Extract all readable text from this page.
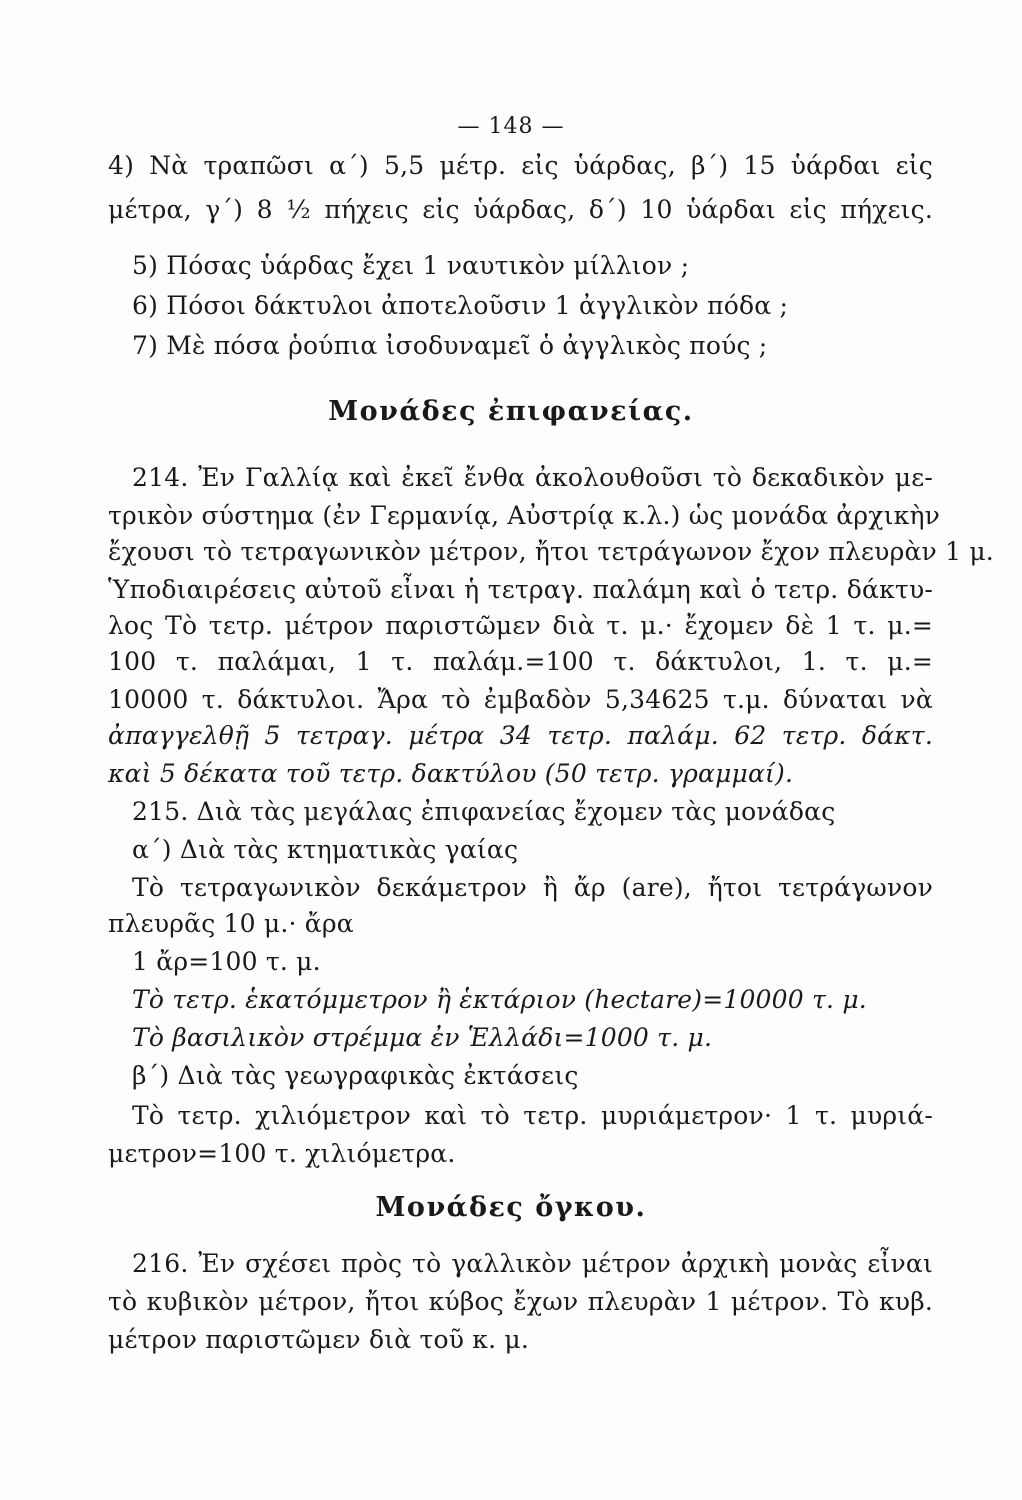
— 148 —
4) Νὰ τραπῶσι α΄) 5,5 μέτρ. εἰς ὑάρδας, β΄) 15 ὑάρδαι εἰς
μέτρα, γ΄) 8 ½ πήχεις εἰς ὑάρδας, δ΄) 10 ὑάρδαι εἰς πήχεις.
5) Πόσας ὑάρδας ἔχει 1 ναυτικὸν μίλλιον ;
6) Πόσοι δάκτυλοι ἀποτελοῦσιν 1 ἀγγλικὸν πόδα ;
7) Μὲ πόσα ῥούπια ἰσοδυναμεῖ ὁ ἀγγλικὸς πούς ;
Μονάδες ἐπιφανείας.
214. Ἐν Γαλλίᾳ καὶ ἐκεῖ ἔνθα ἀκολουθοῦσι τὸ δεκαδικὸν με-
τρικὸν σύστημα (ἐν Γερμανίᾳ, Αὐστρίᾳ κ.λ.) ὡς μονάδα ἀρχικὴν
ἔχουσι τὸ τετραγωνικὸν μέτρον, ἤτοι τετράγωνον ἔχον πλευρὰν 1 μ.
Ὑποδιαιρέσεις αὐτοῦ εἶναι ἡ τετραγ. παλάμη καὶ ὁ τετρ. δάκτυ-
λος Τὸ τετρ. μέτρον παριστῶμεν διὰ τ. μ.· ἔχομεν δὲ 1 τ. μ.=
100 τ. παλάμαι, 1 τ. παλάμ.=100 τ. δάκτυλοι, 1. τ. μ.=
10000 τ. δάκτυλοι. Ἄρα τὸ ἐμβαδὸν 5,34625 τ.μ. δύναται νὰ
ἀπαγγελθῇ 5 τετραγ. μέτρα 34 τετρ. παλάμ. 62 τετρ. δάκτ.
καὶ 5 δέκατα τοῦ τετρ. δακτύλου (50 τετρ. γραμμαί).
215. Διὰ τὰς μεγάλας ἐπιφανείας ἔχομεν τὰς μονάδας
α΄) Διὰ τὰς κτηματικὰς γαίας
Τὸ τετραγωνικὸν δεκάμετρον ἢ ἄρ (are), ἤτοι τετράγωνον
πλευρᾶς 10 μ.· ἄρα
1 ἄρ=100 τ. μ.
Τὸ τετρ. ἑκατόμμετρον ἢ ἑκτάριον (hectare)=10000 τ. μ.
Τὸ βασιλικὸν στρέμμα ἐν Ἑλλάδι=1000 τ. μ.
β΄) Διὰ τὰς γεωγραφικὰς ἐκτάσεις
Τὸ τετρ. χιλιόμετρον καὶ τὸ τετρ. μυριάμετρον· 1 τ. μυριά-
μετρον=100 τ. χιλιόμετρα.
Μονάδες ὄγκου.
216. Ἐν σχέσει πρὸς τὸ γαλλικὸν μέτρον ἀρχικὴ μονὰς εἶναι
τὸ κυβικὸν μέτρον, ἤτοι κύβος ἔχων πλευρὰν 1 μέτρον. Τὸ κυβ.
μέτρον παριστῶμεν διὰ τοῦ κ. μ.
